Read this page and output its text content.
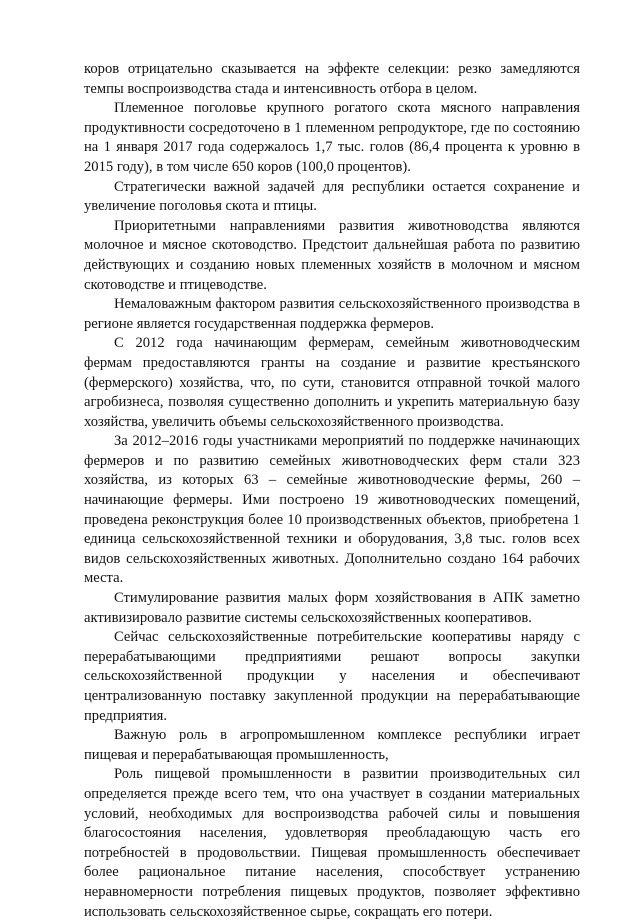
коров отрицательно сказывается на эффекте селекции: резко замедляются темпы воспроизводства стада и интенсивность отбора в целом.

Племенное поголовье крупного рогатого скота мясного направления продуктивности сосредоточено в 1 племенном репродукторе, где по состоянию на 1 января 2017 года содержалось 1,7 тыс. голов (86,4 процента к уровню в 2015 году), в том числе 650 коров (100,0 процентов).

Стратегически важной задачей для республики остается сохранение и увеличение поголовья скота и птицы.

Приоритетными направлениями развития животноводства являются молочное и мясное скотоводство. Предстоит дальнейшая работа по развитию действующих и созданию новых племенных хозяйств в молочном и мясном скотоводстве и птицеводстве.

Немаловажным фактором развития сельскохозяйственного производства в регионе является государственная поддержка фермеров.

С 2012 года начинающим фермерам, семейным животноводческим фермам предоставляются гранты на создание и развитие крестьянского (фермерского) хозяйства, что, по сути, становится отправной точкой малого агробизнеса, позволяя существенно дополнить и укрепить материальную базу хозяйства, увеличить объемы сельскохозяйственного производства.

За 2012–2016 годы участниками мероприятий по поддержке начинающих фермеров и по развитию семейных животноводческих ферм стали 323 хозяйства, из которых 63 – семейные животноводческие фермы, 260 – начинающие фермеры. Ими построено 19 животноводческих помещений, проведена реконструкция более 10 производственных объектов, приобретена 1 единица сельскохозяйственной техники и оборудования, 3,8 тыс. голов всех видов сельскохозяйственных животных. Дополнительно создано 164 рабочих места.

Стимулирование развития малых форм хозяйствования в АПК заметно активизировало развитие системы сельскохозяйственных кооперативов.

Сейчас сельскохозяйственные потребительские кооперативы наряду с перерабатывающими предприятиями решают вопросы закупки сельскохозяйственной продукции у населения и обеспечивают централизованную поставку закупленной продукции на перерабатывающие предприятия.

Важную роль в агропромышленном комплексе республики играет пищевая и перерабатывающая промышленность,

Роль пищевой промышленности в развитии производительных сил определяется прежде всего тем, что она участвует в создании материальных условий, необходимых для воспроизводства рабочей силы и повышения благосостояния населения, удовлетворяя преобладающую часть его потребностей в продовольствии. Пищевая промышленность обеспечивает более рациональное питание населения, способствует устранению неравномерности потребления пищевых продуктов, позволяет эффективно использовать сельскохозяйственное сырье, сокращать его потери.
